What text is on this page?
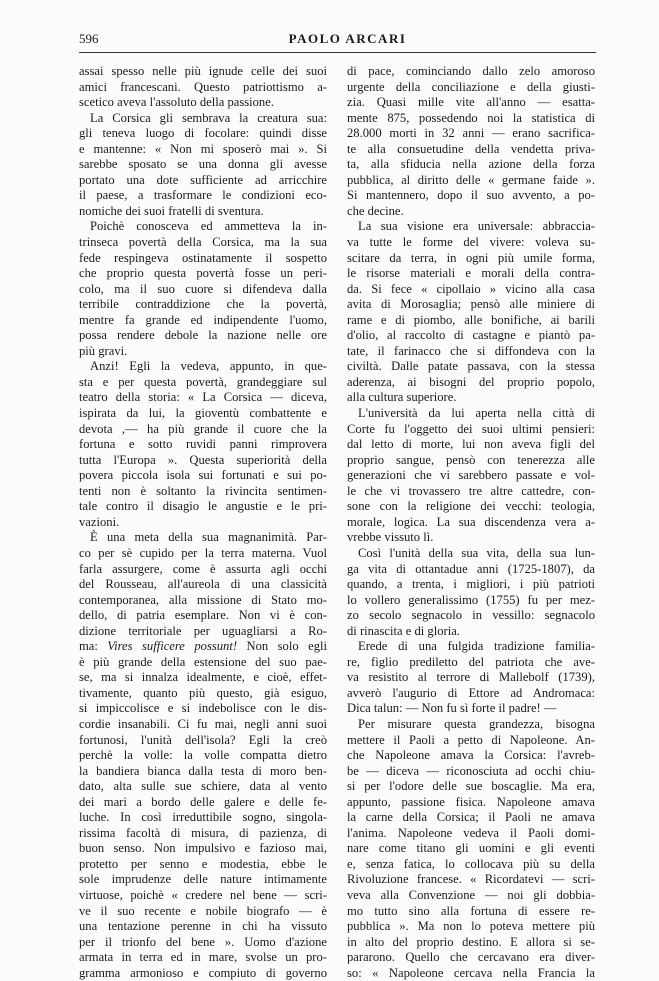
596	PAOLO ARCARI
assai spesso nelle più ignude celle dei suoi
amici francescani. Questo patriottismo a-
scetico aveva l'assoluto della passione.
La Corsica gli sembrava la creatura sua:
gli teneva luogo di focolare: quindi disse
e mantenne: « Non mi sposerò mai ». Si
sarebbe sposato se una donna gli avesse
portato una dote sufficiente ad arricchire
il paese, a trasformare le condizioni eco-
nomiche dei suoi fratelli di sventura.
Poichè conosceva ed ammetteva la in-
trinseca povertà della Corsica, ma la sua
fede respingeva ostinatamente il sospetto
che proprio questa povertà fosse un peri-
colo, ma il suo cuore si difendeva dalla
terribile contraddizione che la povertà,
mentre fa grande ed indipendente l'uomo,
possa rendere debole la nazione nelle ore
più gravi.
Anzi! Egli la vedeva, appunto, in que-
sta e per questa povertà, grandeggiare sul
teatro della storia: « La Corsica — diceva,
ispirata da lui, la gioventù combattente e
devota ,— ha più grande il cuore che la
fortuna e sotto ruvidi panni rimprovera
tutta l'Europa ». Questa superiorità della
povera piccola isola sui fortunati e sui po-
tenti non è soltanto la rivincita sentimen-
tale contro il disagio le angustie e le pri-
vazioni.
È una meta della sua magnanimità. Par-
co per sè cupido per la terra materna. Vuol
farla assurgere, come è assurta agli occhi
del Rousseau, all'aureola di una classicità
contemporanea, alla missione di Stato mo-
dello, di patria esemplare. Non vi è con-
dizione territoriale per uguagliarsi a Ro-
ma: Vires sufficere possunt! Non solo egli
è più grande della estensione del suo pae-
se, ma si innalza idealmente, e cioè, effet-
tivamente, quanto più questo, già esiguo,
si impiccolisce e si indebolisce con le dis-
cordie insanabili. Ci fu mai, negli anni suoi
fortunosi, l'unità dell'isola? Egli la creò
perchè la volle: la volle compatta dietro
la bandiera bianca dalla testa di moro ben-
dato, alta sulle sue schiere, data al vento
dei mari a bordo delle galere e delle fe-
luche. In così irreduttibile sogno, singola-
rissima facoltà di misura, di pazienza, di
buon senso. Non impulsivo e fazioso mai,
protetto per senno e modestia, ebbe le
sole imprudenze delle nature intimamente
virtuose, poichè « credere nel bene — scri-
ve il suo recente e nobile biografo — è
una tentazione perenne in chi ha vissuto
per il trionfo del bene ». Uomo d'azione
armata in terra ed in mare, svolse un pro-
gramma armonioso e compiuto di governo
di pace, cominciando dallo zelo amoroso
urgente della conciliazione e della giusti-
zia. Quasi mille vite all'anno — esatta-
mente 875, possedendo noi la statistica di
28.000 morti in 32 anni — erano sacrifica-
te alla consuetudine della vendetta priva-
ta, alla sfiducia nella azione della forza
pubblica, al diritto delle « germane faide ».
Si mantennero, dopo il suo avvento, a po-
che decine.
La sua visione era universale: abbraccia-
va tutte le forme del vivere: voleva su-
scitare da terra, in ogni più umile forma,
le risorse materiali e morali della contra-
da. Si fece « cipollaio » vicino alla casa
avita di Morosaglia; pensò alle miniere di
rame e di piombo, alle bonifiche, ai barili
d'olio, al raccolto di castagne e piantò pa-
tate, il farinacco che si diffondeva con la
civiltà. Dalle patate passava, con la stessa
aderenza, ai bisogni del proprio popolo,
alla cultura superiore.
L'università da lui aperta nella città di
Corte fu l'oggetto dei suoi ultimi pensieri:
dal letto di morte, lui non aveva figli del
proprio sangue, pensò con tenerezza alle
generazioni che vi sarebbero passate e vol-
le che vi trovassero tre altre cattedre, con-
sone con la religione dei vecchi: teologia,
morale, logica. La sua discendenza vera a-
vrebbe vissuto lì.
Così l'unità della sua vita, della sua lun-
ga vita di ottantadue anni (1725-1807), da
quando, a trenta, i migliori, i più patrioti
lo vollero generalissimo (1755) fu per mez-
zo secolo segnacolo in vessillo: segnacolo
di rinascita e di gloria.
Erede di una fulgida tradizione familia-
re, figlio prediletto del patriota che ave-
va resistito al terrore di Mallebolf (1739),
avverò l'augurio di Ettore ad Andromaca:
Dica talun: — Non fu sì forte il padre! —
Per misurare questa grandezza, bisogna
mettere il Paoli a petto di Napoleone. An-
che Napoleone amava la Corsica: l'avreb-
be — diceva — riconosciuta ad occhi chiu-
si per l'odore delle sue boscaglie. Ma era,
appunto, passione fisica. Napoleone amava
la carne della Corsica; il Paoli ne amava
l'anima. Napoleone vedeva il Paoli domi-
nare come titano gli uomini e gli eventi
e, senza fatica, lo collocava più su della
Rivoluzione francese. « Ricordatevi — scri-
veva alla Convenzione — noi gli dobbia-
mo tutto sino alla fortuna di essere re-
pubblica ». Ma non lo poteva mettere più
in alto del proprio destino. E allora si se-
pararono. Quello che cercavano era diver-
so: « Napoleone cercava nella Francia la
